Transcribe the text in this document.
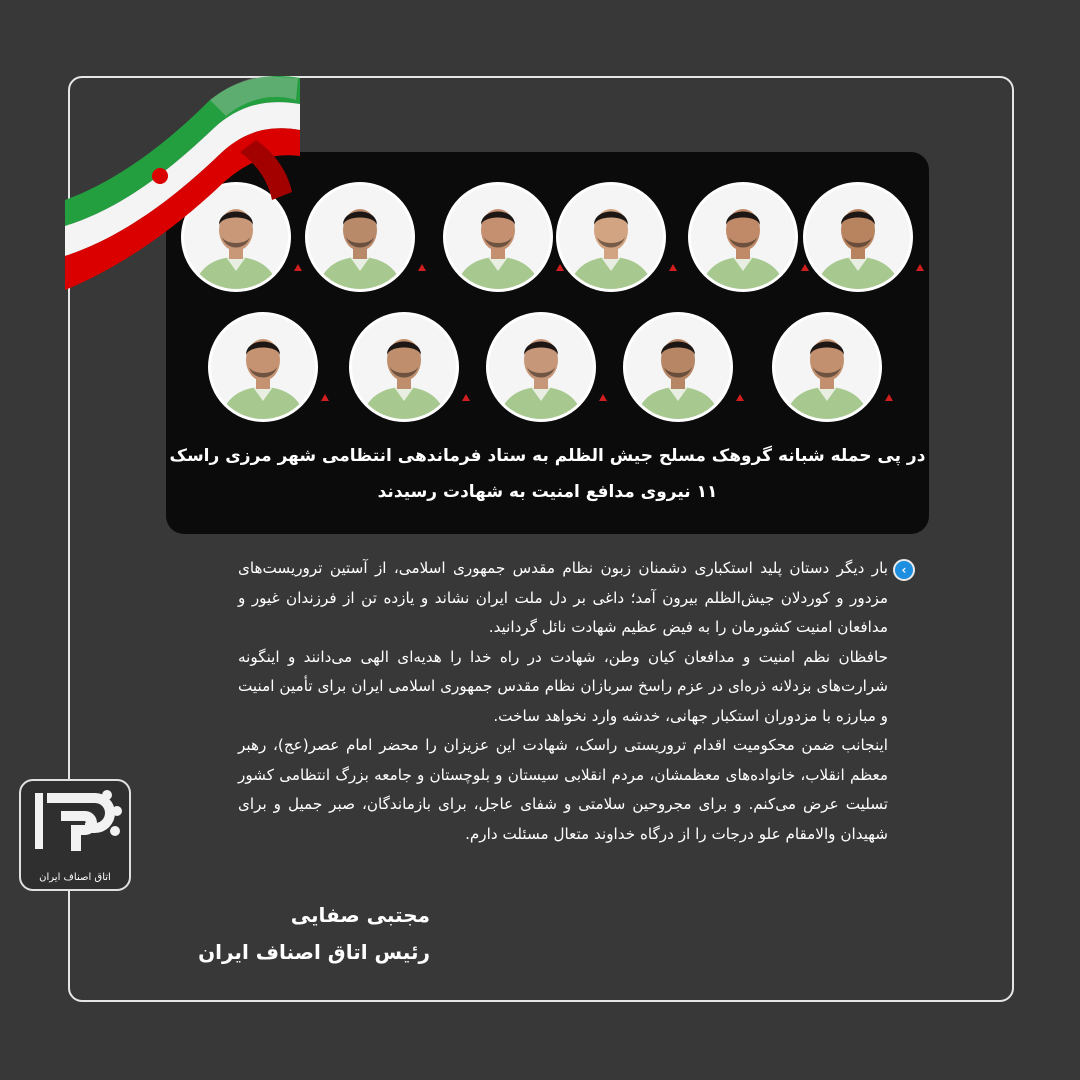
در پی حمله شبانه گروهک مسلح جیش الظلم به ستاد فرماندهی انتظامی شهر مرزی راسک
۱۱ نیروی مدافع امنیت به شهادت رسیدند
‹

بار دیگر دستان پلید استکباری دشمنان زبون نظام مقدس جمهوری اسلامی، از آستین تروریست‌های مزدور و کوردلان جیش‌الظلم بیرون آمد؛ داغی بر دل ملت ایران نشاند و یازده تن از فرزندان غیور و مدافعان امنیت کشورمان را به فیض عظیم شهادت نائل گردانید.

حافظان نظم امنیت و مدافعان کیان وطن، شهادت در راه خدا را هدیه‌ای الهی می‌دانند و اینگونه شرارت‌های بزدلانه ذره‌ای در عزم راسخ سربازان نظام مقدس جمهوری اسلامی ایران برای تأمین امنیت و مبارزه با مزدوران استکبار جهانی، خدشه وارد نخواهد ساخت.

اینجانب ضمن محکومیت اقدام تروریستی راسک، شهادت این عزیزان را محضر امام عصر(عج)، رهبر معظم انقلاب، خانواده‌های معظمشان، مردم انقلابی سیستان و بلوچستان و جامعه بزرگ انتظامی کشور تسلیت عرض می‌کنم. و برای مجروحین سلامتی و شفای عاجل، برای بازماندگان، صبر جمیل و برای شهیدان والامقام علو درجات را از درگاه خداوند متعال مسئلت دارم.

مجتبی صفایی
رئیس اتاق اصناف ایران
اتاق اصناف ایران
